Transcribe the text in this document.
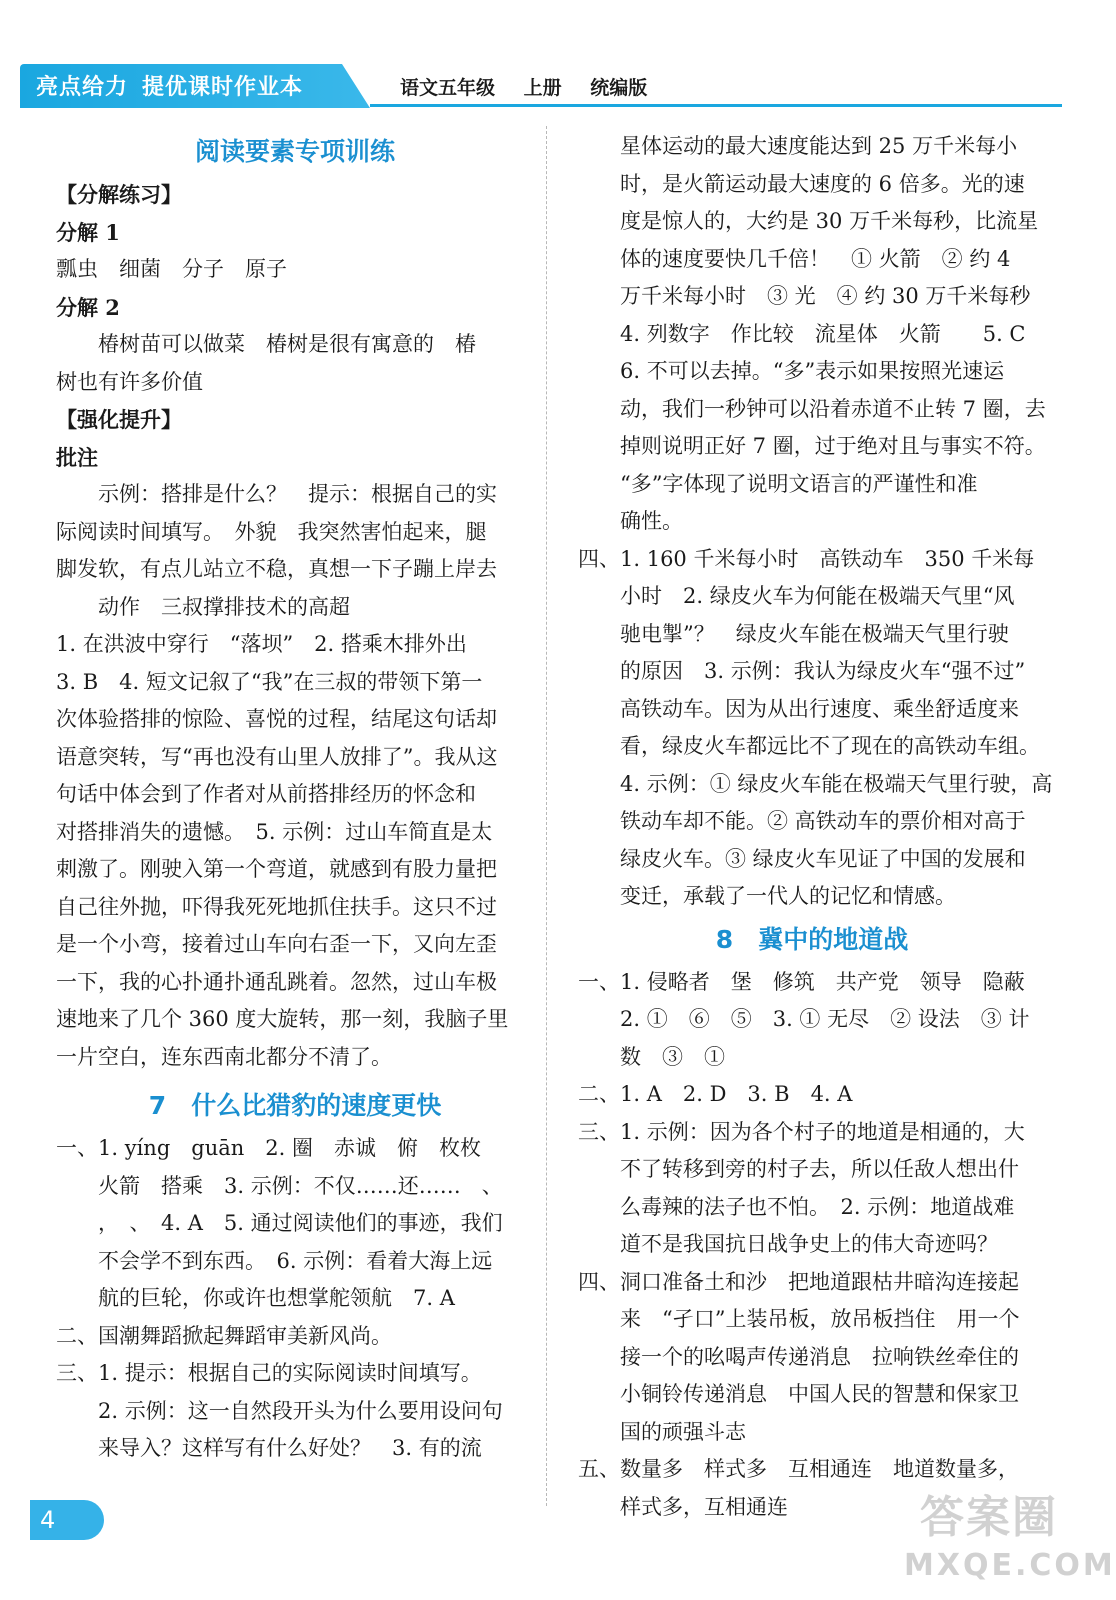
亮点给力 提优课时作业本	语文五年级 上册 统编版
阅读要素专项训练
【分解练习】
分解 1
瓢虫　细菌　分子　原子
分解 2
椿树苗可以做菜　椿树是很有寓意的　椿
树也有许多价值
【强化提升】
批注
示例：搭排是什么？　提示：根据自己的实
际阅读时间填写。　外貌　我突然害怕起来，腿
脚发软，有点儿站立不稳，真想一下子蹦上岸去
动作　三叔撑排技术的高超
1. 在洪波中穿行　“落坝”　2. 搭乘木排外出
3. B　4. 短文记叙了“我”在三叔的带领下第一
次体验搭排的惊险、喜悦的过程，结尾这句话却
语意突转，写“再也没有山里人放排了”。我从这
句话中体会到了作者对从前搭排经历的怀念和
对搭排消失的遗憾。　5. 示例：过山车简直是太
刺激了。刚驶入第一个弯道，就感到有股力量把
自己往外抛，吓得我死死地抓住扶手。这只不过
是一个小弯，接着过山车向右歪一下，又向左歪
一下，我的心扑通扑通乱跳着。忽然，过山车极
速地来了几个 360 度大旋转，那一刻，我脑子里
一片空白，连东西南北都分不清了。
7　什么比猎豹的速度更快
一、1. yíng　guān　2. 圈　赤诚　俯　枚枚
火箭　搭乘　3. 示例：不仅……还……　、
，　、　4. A　5. 通过阅读他们的事迹，我们
不会学不到东西。　6. 示例：看着大海上远
航的巨轮，你或许也想掌舵领航　7. A
二、国潮舞蹈掀起舞蹈审美新风尚。
三、1. 提示：根据自己的实际阅读时间填写。
2. 示例：这一自然段开头为什么要用设问句
来导入？这样写有什么好处？　3. 有的流
星体运动的最大速度能达到 25 万千米每小
时，是火箭运动最大速度的 6 倍多。光的速
度是惊人的，大约是 30 万千米每秒，比流星
体的速度要快几千倍！　① 火箭　② 约 4
万千米每小时　③ 光　④ 约 30 万千米每秒
4. 列数字　作比较　流星体　火箭　　5. C
6. 不可以去掉。“多”表示如果按照光速运
动，我们一秒钟可以沿着赤道不止转 7 圈，去
掉则说明正好 7 圈，过于绝对且与事实不符。
“多”字体现了说明文语言的严谨性和准
确性。
四、1. 160 千米每小时　高铁动车　350 千米每
小时　2. 绿皮火车为何能在极端天气里“风
驰电掣”？　绿皮火车能在极端天气里行驶
的原因　3. 示例：我认为绿皮火车“强不过”
高铁动车。因为从出行速度、乘坐舒适度来
看，绿皮火车都远比不了现在的高铁动车组。
4. 示例：① 绿皮火车能在极端天气里行驶，高
铁动车却不能。② 高铁动车的票价相对高于
绿皮火车。③ 绿皮火车见证了中国的发展和
变迁，承载了一代人的记忆和情感。
8　冀中的地道战
一、1. 侵略者　堡　修筑　共产党　领导　隐蔽
2. ①　⑥　⑤　3. ① 无尽　② 设法　③ 计
数　③　①
二、1. A　2. D　3. B　4. A
三、1. 示例：因为各个村子的地道是相通的，大
不了转移到旁的村子去，所以任敌人想出什
么毒辣的法子也不怕。　2. 示例：地道战难
道不是我国抗日战争史上的伟大奇迹吗？
四、洞口准备土和沙　把地道跟枯井暗沟连接起
来　“孑口”上装吊板，放吊板挡住　用一个
接一个的吆喝声传递消息　拉响铁丝牵住的
小铜铃传递消息　中国人民的智慧和保家卫
国的顽强斗志
五、数量多　样式多　互相通连　地道数量多，
样式多，互相通连
4	答案圈
MXQE.COM
